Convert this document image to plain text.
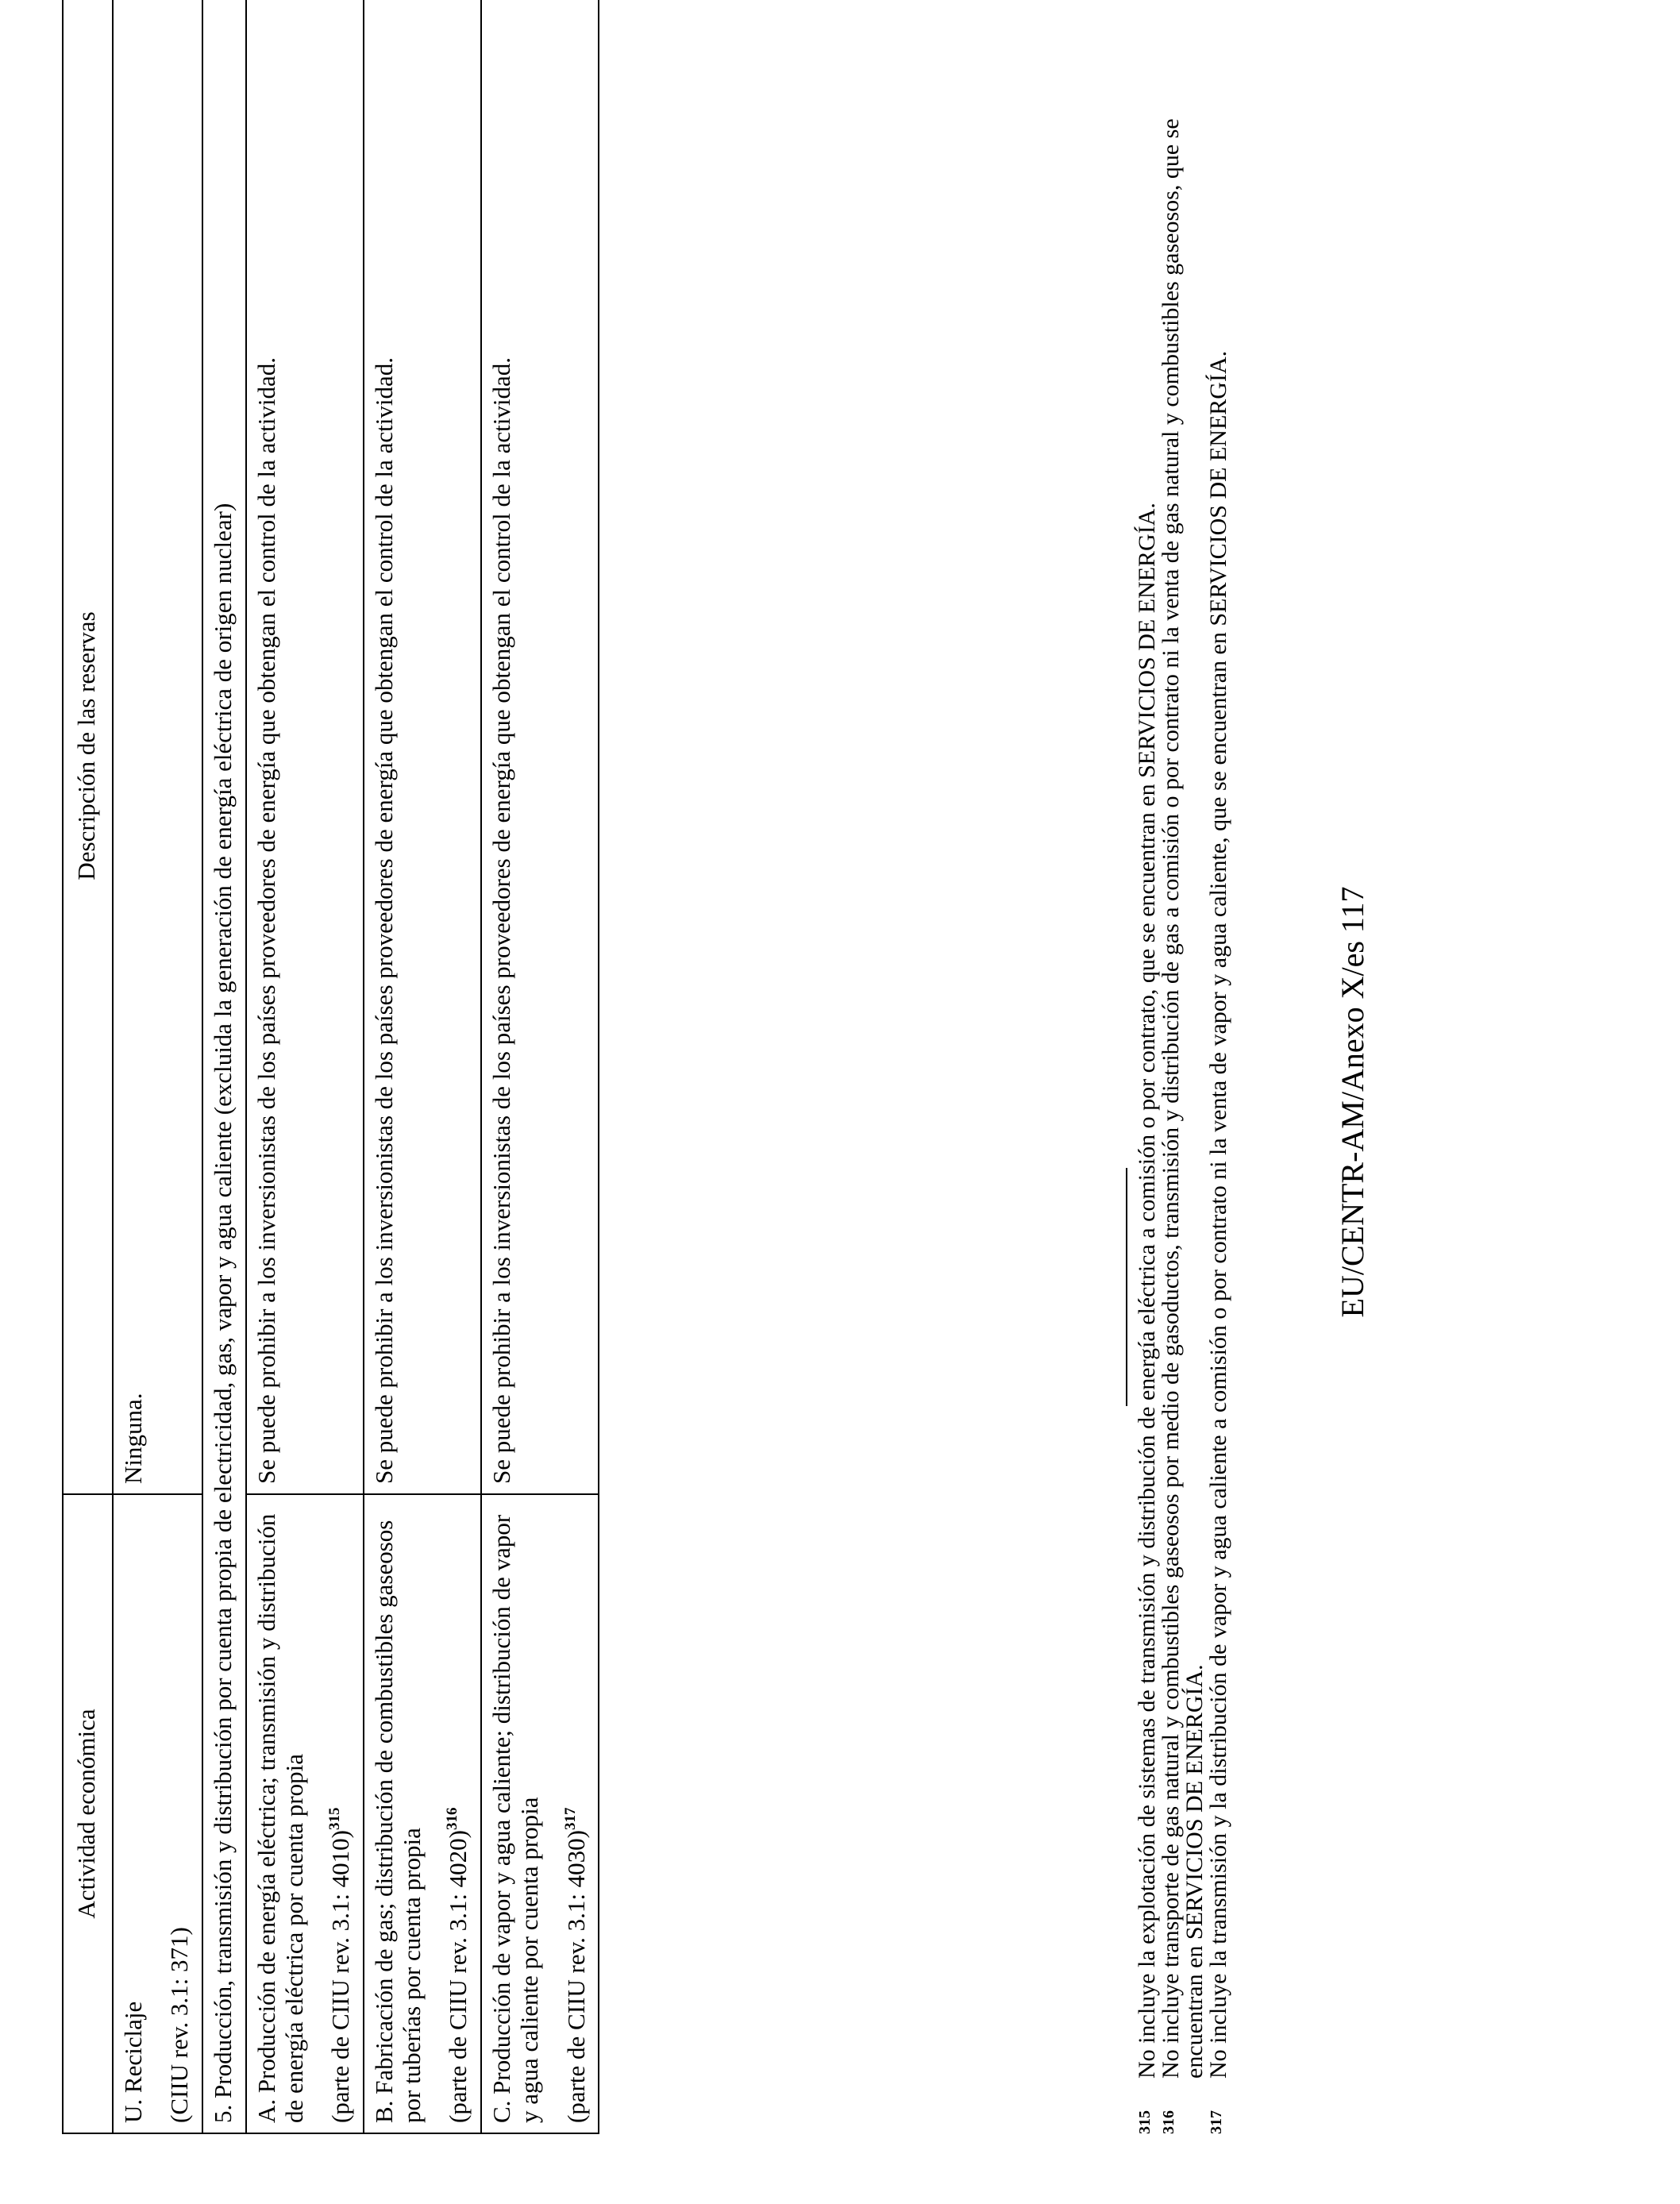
Actividad económica	Descripción de las reservas

U. Reciclaje (CIIU rev. 3.1: 371)	Ninguna.
5. Producción, transmisión y distribución por cuenta propia de electricidad, gas, vapor y agua caliente (excluida la generación de energía eléctrica de origen nuclear)	

A. Producción de energía eléctrica; transmisión y distribución de energía eléctrica por cuenta propia (parte de CIIU rev. 3.1: 4010)$^{315}$	Se puede prohibir a los inversionistas de los países proveedores de energía que obtengan el control de la actividad.

B. Fabricación de gas; distribución de combustibles gaseosos por tuberías por cuenta propia (parte de CIIU rev. 3.1: 4020)$^{316}$	Se puede prohibir a los inversionistas de los países proveedores de energía que obtengan el control de la actividad.

C. Producción de vapor y agua caliente; distribución de vapor y agua caliente por cuenta propia (parte de CIIU rev. 3.1: 4030)$^{317}$	Se puede prohibir a los inversionistas de los países proveedores de energía que obtengan el control de la actividad.
315
No incluye la explotación de sistemas de transmisión y distribución de energía eléctrica a comisión o por contrato, que se encuentran en SERVICIOS DE ENERGÍA.
316
No incluye transporte de gas natural y combustibles gaseosos por medio de gasoductos, transmisión y distribución de gas a comisión o por contrato ni la venta de gas natural y combustibles gaseosos, que se encuentran en SERVICIOS DE ENERGÍA.
317
No incluye la transmisión y la distribución de vapor y agua caliente a comisión o por contrato ni la venta de vapor y agua caliente, que se encuentran en SERVICIOS DE ENERGÍA.	EU/CENTR-AM/Anexo X/es 117
